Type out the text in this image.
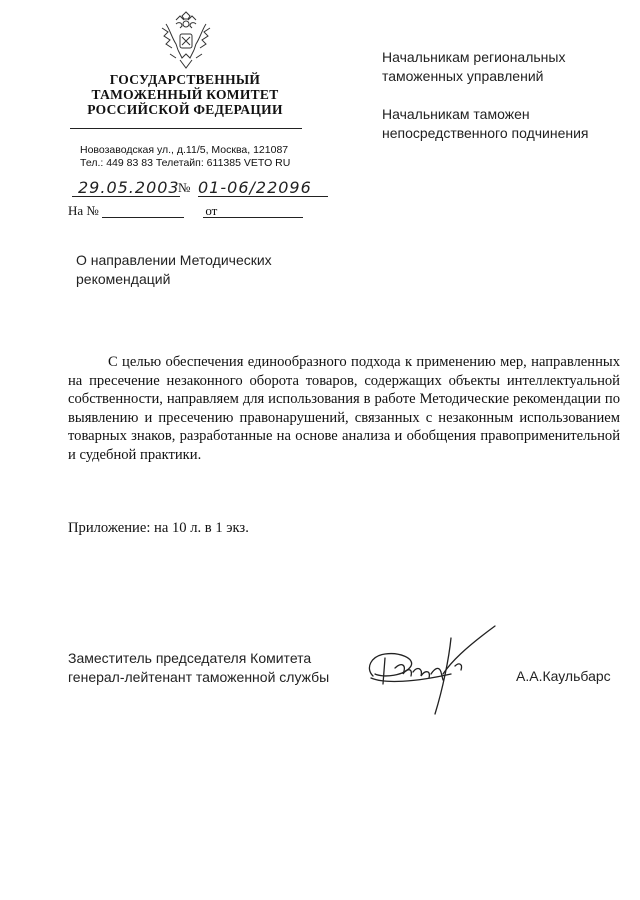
ГОСУДАРСТВЕННЫЙ
ТАМОЖЕННЫЙ КОМИТЕТ
РОССИЙСКОЙ ФЕДЕРАЦИИ
Новозаводская ул., д.11/5, Москва, 121087
Тел.: 449 83 83 Телетайп: 611385 VETO RU
29.05.2003
№ 01-06/22096
На №	от
Начальникам региональных таможенных управлений
Начальникам таможен непосредственного подчинения
О направлении Методических рекомендаций
С целью обеспечения единообразного подхода к применению мер, направленных на пресечение незаконного оборота товаров, содержащих объекты интеллектуальной собственности, направляем для использования в работе Методические рекомендации по выявлению и пресечению правонарушений, связанных с незаконным использованием товарных знаков, разработанные на основе анализа и обобщения правоприменительной и судебной практики.
Приложение: на 10 л. в 1 экз.
Заместитель председателя Комитета
генерал-лейтенант таможенной службы	А.А.Каульбарс
